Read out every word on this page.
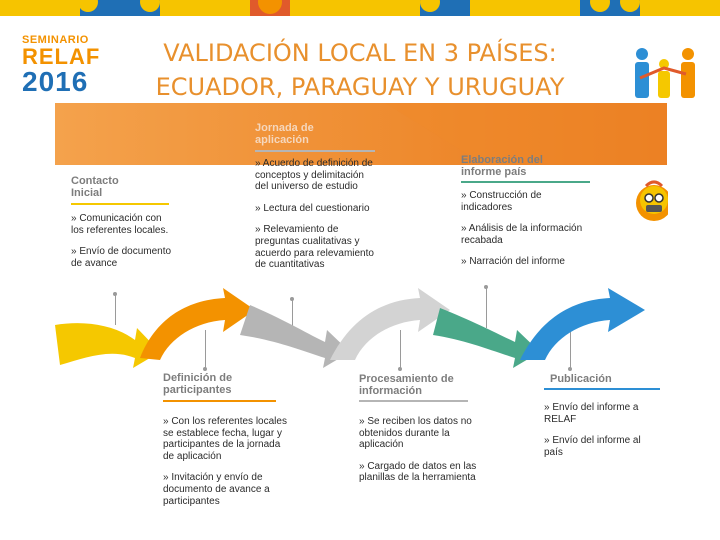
SEMINARIO
RELAF
2016
VALIDACIÓN LOCAL EN 3 PAÍSES:
ECUADOR, PARAGUAY Y URUGUAY
Contacto Inicial

» Comunicación con los referentes locales.

» Envío de documento de avance

Jornada de aplicación

» Acuerdo de definición de conceptos y delimitación del universo de estudio

» Lectura del cuestionario

» Relevamiento de preguntas cualitativas y acuerdo para relevamiento de cuantitativas

Elaboración del informe país

» Construcción de indicadores

» Análisis de la información recabada

» Narración del informe

Definición de participantes

» Con los referentes locales se establece fecha, lugar y participantes de la jornada de aplicación

» Invitación y envío de documento de avance a participantes

Procesamiento de información

» Se reciben los datos no obtenidos durante la aplicación

» Cargado de datos en las planillas de la herramienta

Publicación

» Envío del informe a RELAF

» Envío del informe al país
